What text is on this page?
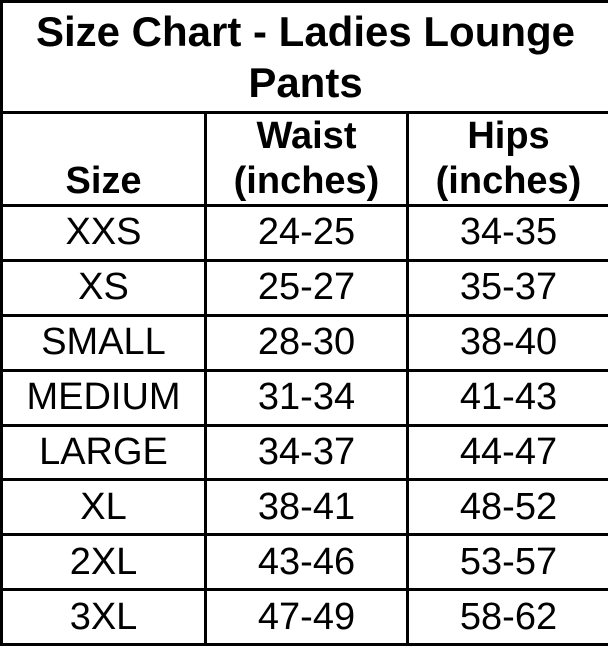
Size Chart - Ladies Lounge Pants		
Size	Waist (inches)	Hips (inches)
XXS	24-25	34-35
XS	25-27	35-37
SMALL	28-30	38-40
MEDIUM	31-34	41-43
LARGE	34-37	44-47
XL	38-41	48-52
2XL	43-46	53-57
3XL	47-49	58-62
